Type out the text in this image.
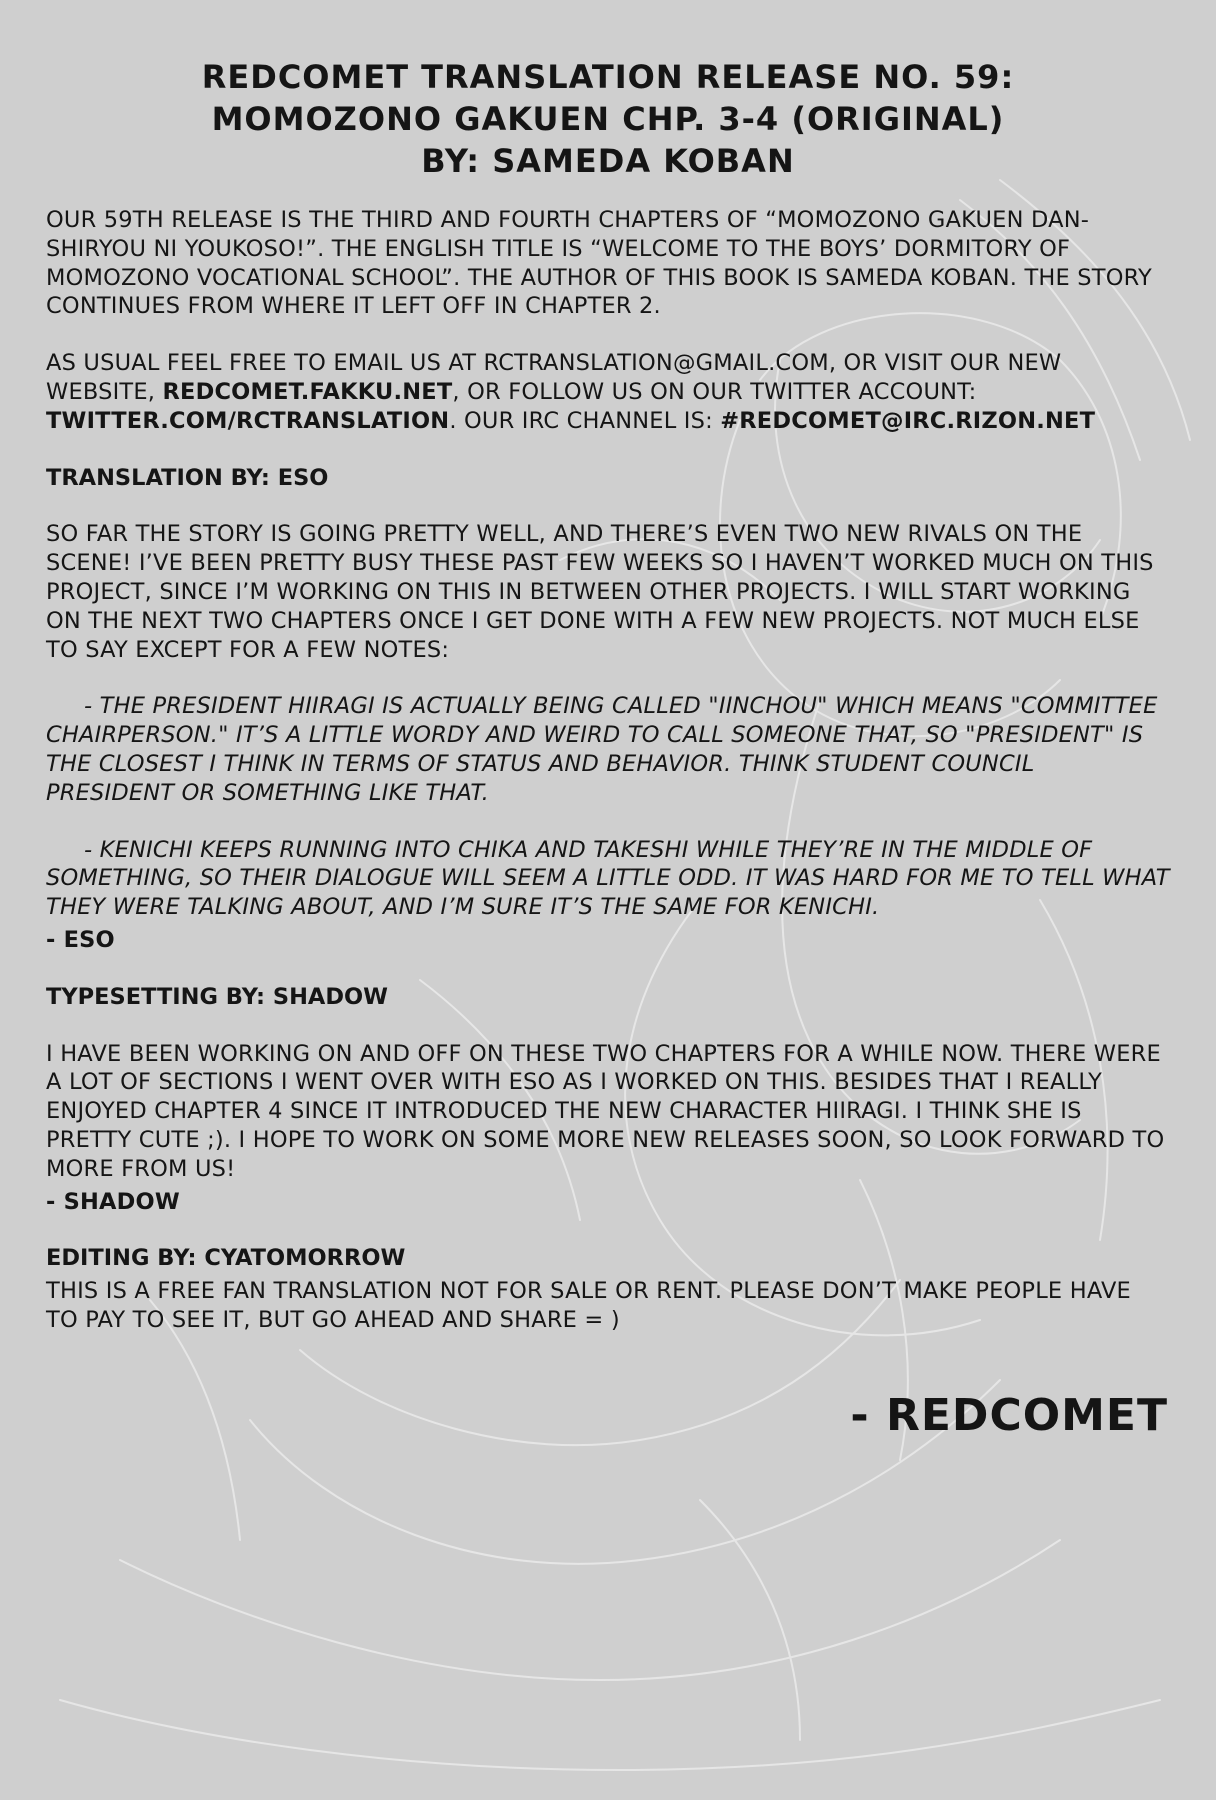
REDCOMET TRANSLATION RELEASE NO. 59:
MOMOZONO GAKUEN CHP. 3-4 (ORIGINAL)
BY: SAMEDA KOBAN

OUR 59TH RELEASE IS THE THIRD AND FOURTH CHAPTERS OF “MOMOZONO GAKUEN DAN-SHIRYOU NI YOUKOSO!”. THE ENGLISH TITLE IS “WELCOME TO THE BOYS’ DORMITORY OF MOMOZONO VOCATIONAL SCHOOL”. THE AUTHOR OF THIS BOOK IS SAMEDA KOBAN. THE STORY CONTINUES FROM WHERE IT LEFT OFF IN CHAPTER 2.

AS USUAL FEEL FREE TO EMAIL US AT RCTRANSLATION@GMAIL.COM, OR VISIT OUR NEW WEBSITE, REDCOMET.FAKKU.NET, OR FOLLOW US ON OUR TWITTER ACCOUNT: TWITTER.COM/RCTRANSLATION. OUR IRC CHANNEL IS: #REDCOMET@IRC.RIZON.NET

TRANSLATION BY: ESO

SO FAR THE STORY IS GOING PRETTY WELL, AND THERE’S EVEN TWO NEW RIVALS ON THE SCENE! I’VE BEEN PRETTY BUSY THESE PAST FEW WEEKS SO I HAVEN’T WORKED MUCH ON THIS PROJECT, SINCE I’M WORKING ON THIS IN BETWEEN OTHER PROJECTS. I WILL START WORKING ON THE NEXT TWO CHAPTERS ONCE I GET DONE WITH A FEW NEW PROJECTS. NOT MUCH ELSE TO SAY EXCEPT FOR A FEW NOTES:

- THE PRESIDENT HIIRAGI IS ACTUALLY BEING CALLED "IINCHOU" WHICH MEANS "COMMITTEE CHAIRPERSON." IT’S A LITTLE WORDY AND WEIRD TO CALL SOMEONE THAT, SO "PRESIDENT" IS THE CLOSEST I THINK IN TERMS OF STATUS AND BEHAVIOR. THINK STUDENT COUNCIL PRESIDENT OR SOMETHING LIKE THAT.

- KENICHI KEEPS RUNNING INTO CHIKA AND TAKESHI WHILE THEY’RE IN THE MIDDLE OF SOMETHING, SO THEIR DIALOGUE WILL SEEM A LITTLE ODD. IT WAS HARD FOR ME TO TELL WHAT THEY WERE TALKING ABOUT, AND I’M SURE IT’S THE SAME FOR KENICHI.

- ESO

TYPESETTING BY: SHADOW

I HAVE BEEN WORKING ON AND OFF ON THESE TWO CHAPTERS FOR A WHILE NOW. THERE WERE A LOT OF SECTIONS I WENT OVER WITH ESO AS I WORKED ON THIS. BESIDES THAT I REALLY ENJOYED CHAPTER 4 SINCE IT INTRODUCED THE NEW CHARACTER HIIRAGI. I THINK SHE IS PRETTY CUTE ;). I HOPE TO WORK ON SOME MORE NEW RELEASES SOON, SO LOOK FORWARD TO MORE FROM US!

- SHADOW

EDITING BY: CYATOMORROW

THIS IS A FREE FAN TRANSLATION NOT FOR SALE OR RENT. PLEASE DON’T MAKE PEOPLE HAVE TO PAY TO SEE IT, BUT GO AHEAD AND SHARE = )

- REDCOMET
